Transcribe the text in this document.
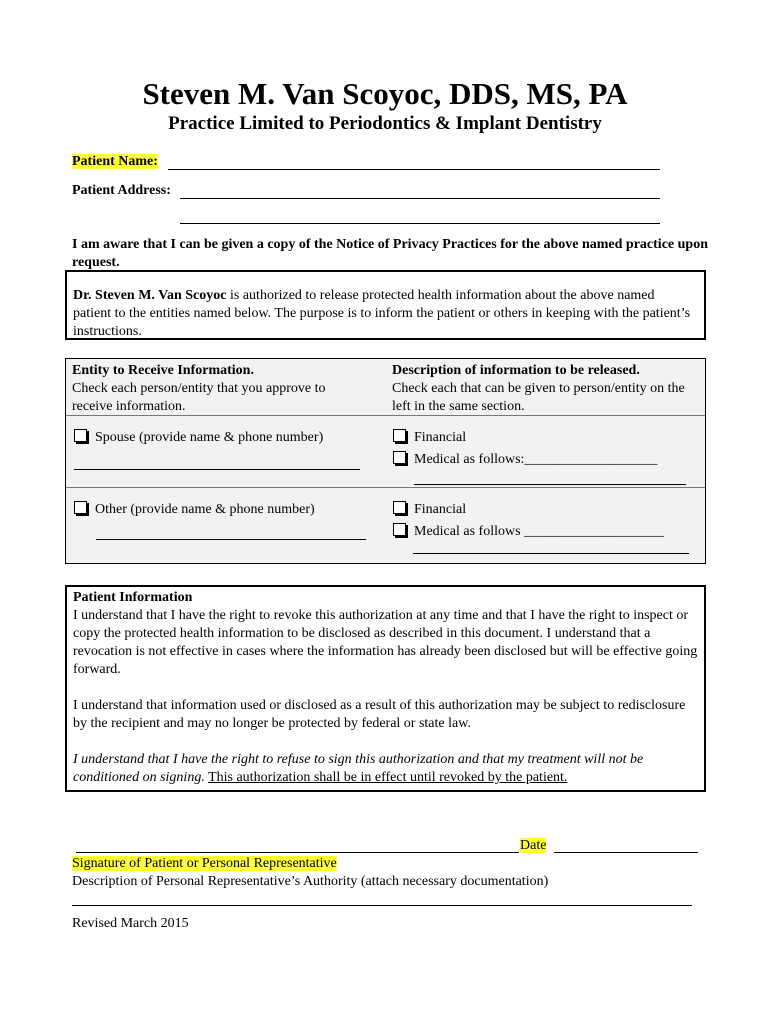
Steven M. Van Scoyoc, DDS, MS, PA
Practice Limited to Periodontics & Implant Dentistry
Patient Name:
Patient Address:
I am aware that I can be given a copy of the Notice of Privacy Practices for the above named practice upon request.
Dr. Steven M. Van Scoyoc is authorized to release protected health information about the above named patient to the entities named below. The purpose is to inform the patient or others in keeping with the patient’s instructions.
Entity to Receive Information.
Check each person/entity that you approve to receive information.
Description of information to be released.
Check each that can be given to person/entity on the left in the same section.
Spouse (provide name & phone number)	Financial
Medical as follows:___________________
Other (provide name & phone number)	Financial
Medical as follows ____________________
Patient Information
I understand that I have the right to revoke this authorization at any time and that I have the right to inspect or copy the protected health information to be disclosed as described in this document. I understand that a revocation is not effective in cases where the information has already been disclosed but will be effective going forward.
I understand that information used or disclosed as a result of this authorization may be subject to redisclosure by the recipient and may no longer be protected by federal or state law.
I understand that I have the right to refuse to sign this authorization and that my treatment will not be conditioned on signing. This authorization shall be in effect until revoked by the patient.
Date
Signature of Patient or Personal Representative
Description of Personal Representative’s Authority (attach necessary documentation)
Revised March 2015
